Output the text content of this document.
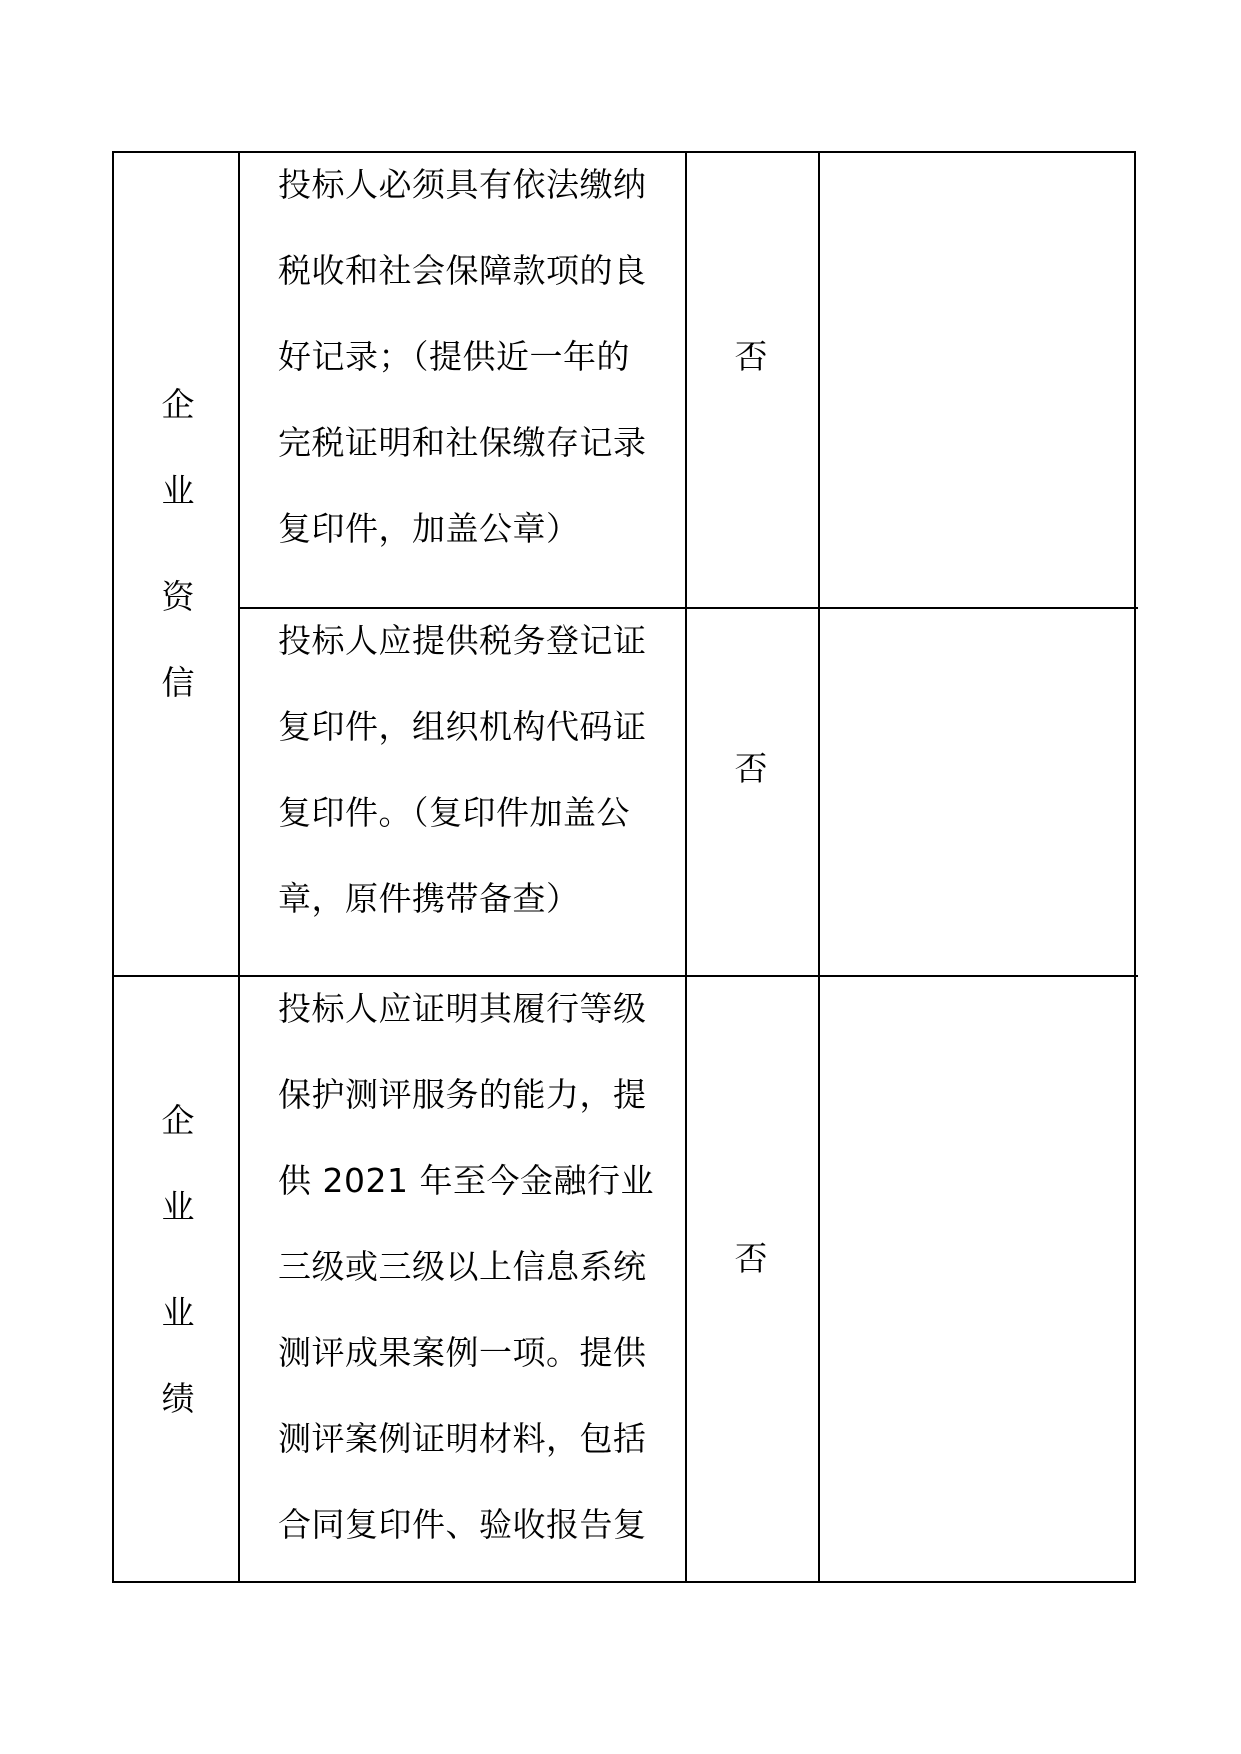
企
业
资
信
投标人必须具有依法缴纳
税收和社会保障款项的良
好记录；（提供近一年的
完税证明和社保缴存记录
复印件，加盖公章）
否
投标人应提供税务登记证
复印件，组织机构代码证
复印件。（复印件加盖公
章，原件携带备查）
否
企
业
业
绩
投标人应证明其履行等级
保护测评服务的能力，提
供 2021 年至今金融行业
三级或三级以上信息系统
测评成果案例一项。提供
测评案例证明材料，包括
合同复印件、验收报告复
否
